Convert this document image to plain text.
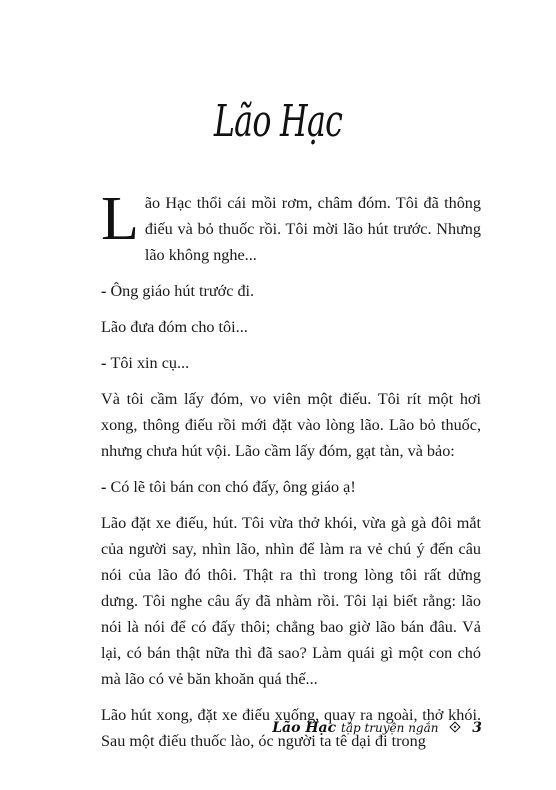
Lão Hạc

Lão Hạc thổi cái mồi rơm, châm đóm. Tôi đã thông điếu và bỏ thuốc rồi. Tôi mời lão hút trước. Nhưng lão không nghe...

- Ông giáo hút trước đi.

Lão đưa đóm cho tôi...

- Tôi xin cụ...

Và tôi cầm lấy đóm, vo viên một điếu. Tôi rít một hơi xong, thông điếu rồi mới đặt vào lòng lão. Lão bỏ thuốc, nhưng chưa hút vội. Lão cầm lấy đóm, gạt tàn, và bảo:

- Có lẽ tôi bán con chó đấy, ông giáo ạ!

Lão đặt xe điếu, hút. Tôi vừa thở khói, vừa gà gà đôi mắt của người say, nhìn lão, nhìn để làm ra vẻ chú ý đến câu nói của lão đó thôi. Thật ra thì trong lòng tôi rất dửng dưng. Tôi nghe câu ấy đã nhàm rồi. Tôi lại biết rằng: lão nói là nói để có đấy thôi; chẳng bao giờ lão bán đâu. Vả lại, có bán thật nữa thì đã sao? Làm quái gì một con chó mà lão có vẻ băn khoăn quá thế...

Lão hút xong, đặt xe điếu xuống, quay ra ngoài, thở khói. Sau một điếu thuốc lào, óc người ta tê dại đi trong

Lão Hạc tập truyện ngắn 3
